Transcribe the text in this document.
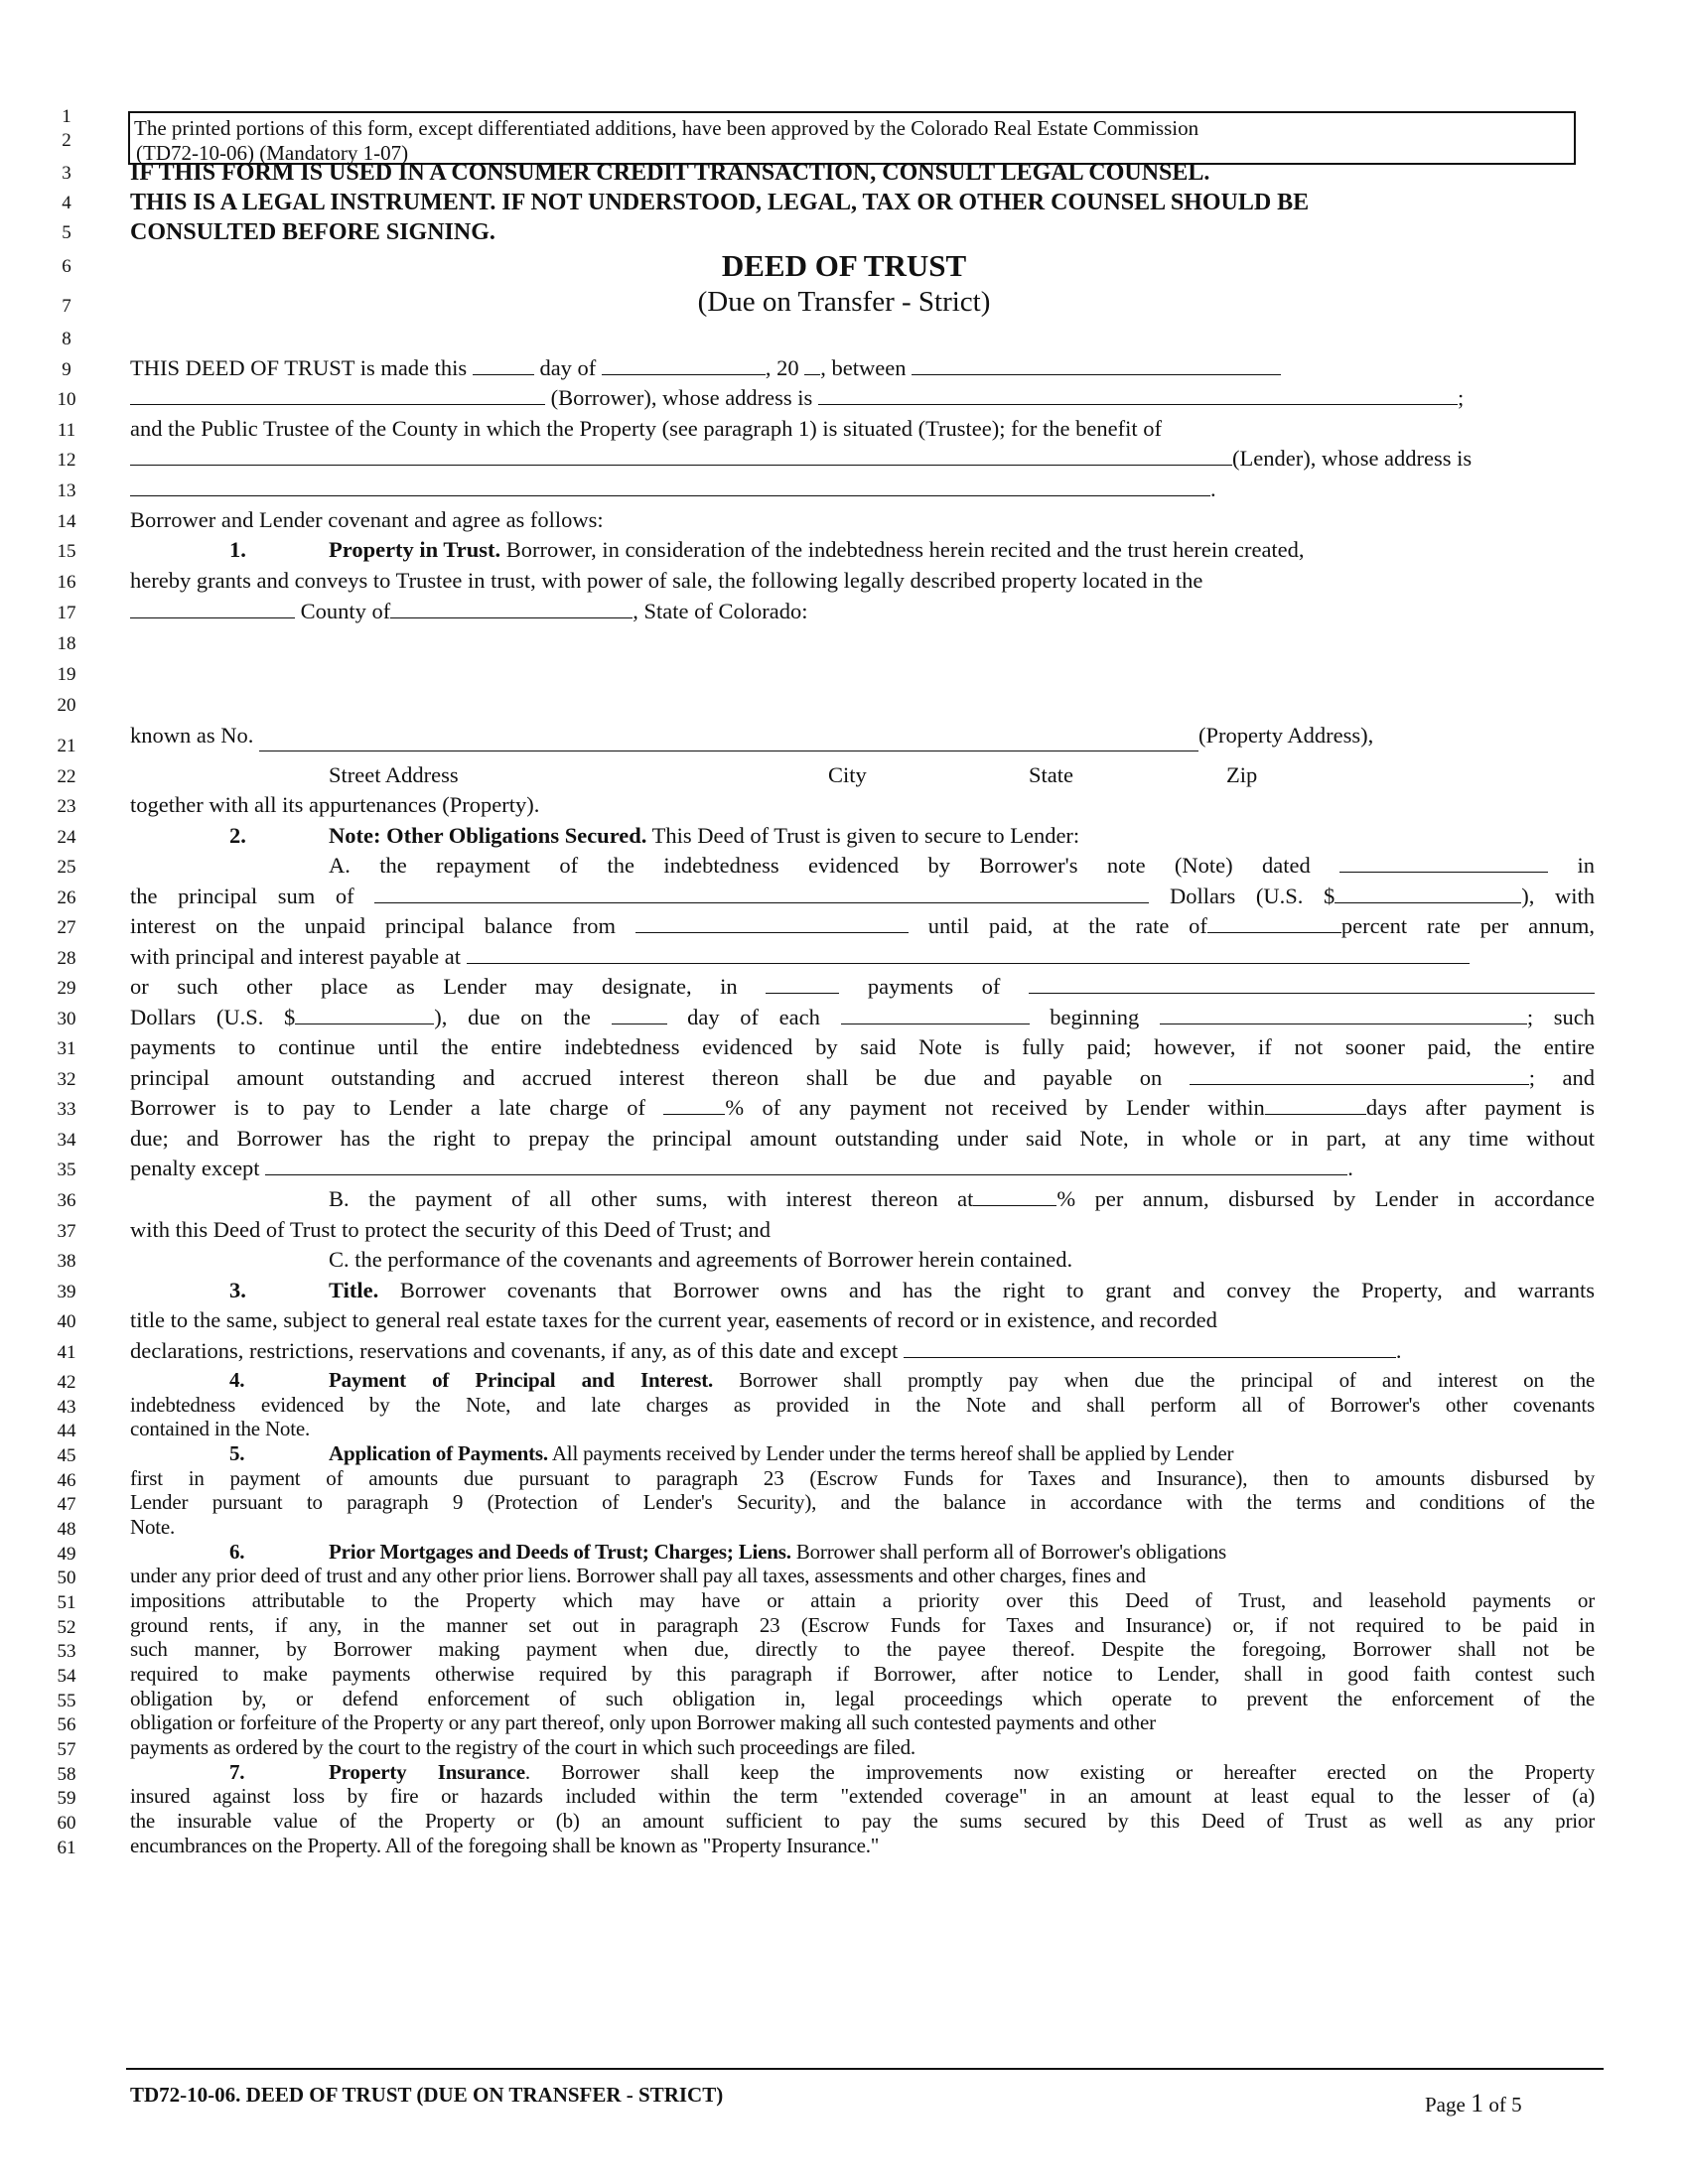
1
2
3
4
5
6
7
8
9
10
11
12
13
14
15
16
17
18
19
20
21
22
23
24
25
26
27
28
29
30
31
32
33
34
35
36
37
38
39
40
41
42
43
44
45
46
47
48
49
50
51
52
53
54
55
56
57
58
59
60
61
The printed portions of this form, except differentiated additions, have been approved by the Colorado Real Estate Commission
(TD72-10-06) (Mandatory 1-07)
IF THIS FORM IS USED IN A CONSUMER CREDIT TRANSACTION, CONSULT LEGAL COUNSEL.
THIS IS A LEGAL INSTRUMENT. IF NOT UNDERSTOOD, LEGAL, TAX OR OTHER COUNSEL SHOULD BE
CONSULTED BEFORE SIGNING.
DEED OF TRUST
(Due on Transfer - Strict)
THIS DEED OF TRUST is made this	day of	, 20 , between
(Borrower), whose address is	;
and the Public Trustee of the County in which the Property (see paragraph 1) is situated (Trustee); for the benefit of
(Lender), whose address is
.
Borrower and Lender covenant and agree as follows:
1.	Property in Trust. Borrower, in consideration of the indebtedness herein recited and the trust herein created,
hereby grants and conveys to Trustee in trust, with power of sale, the following legally described property located in the
County of	, State of Colorado:
known as No.	(Property Address),
Street Address	City	State	Zip
together with all its appurtenances (Property).
2.	Note: Other Obligations Secured. This Deed of Trust is given to secure to Lender:
A. the repayment of the indebtedness evidenced by Borrower's note (Note) dated	in
the principal sum of	Dollars (U.S. $	), with
interest on the unpaid principal balance from	until paid, at the rate of	percent rate per annum,
with principal and interest payable at
or such other place as Lender may designate, in	payments of
Dollars (U.S. $	), due on the	day of each	beginning	; such
payments to continue until the entire indebtedness evidenced by said Note is fully paid; however, if not sooner paid, the entire
principal amount outstanding and accrued interest thereon shall be due and payable on	; and
Borrower is to pay to Lender a late charge of	% of any payment not received by Lender within	days after payment is
due; and Borrower has the right to prepay the principal amount outstanding under said Note, in whole or in part, at any time without
penalty except	.
B. the payment of all other sums, with interest thereon at	% per annum, disbursed by Lender in accordance
with this Deed of Trust to protect the security of this Deed of Trust; and
C. the performance of the covenants and agreements of Borrower herein contained.
3.	Title. Borrower covenants that Borrower owns and has the right to grant and convey the Property, and warrants
title to the same, subject to general real estate taxes for the current year, easements of record or in existence, and recorded
declarations, restrictions, reservations and covenants, if any, as of this date and except	.
4.	Payment of Principal and Interest. Borrower shall promptly pay when due the principal of and interest on the
indebtedness evidenced by the Note, and late charges as provided in the Note and shall perform all of Borrower's other covenants
contained in the Note.
5.	Application of Payments. All payments received by Lender under the terms hereof shall be applied by Lender
first in payment of amounts due pursuant to paragraph 23 (Escrow Funds for Taxes and Insurance), then to amounts disbursed by
Lender pursuant to paragraph 9 (Protection of Lender's Security), and the balance in accordance with the terms and conditions of the
Note.
6.	Prior Mortgages and Deeds of Trust; Charges; Liens. Borrower shall perform all of Borrower's obligations
under any prior deed of trust and any other prior liens. Borrower shall pay all taxes, assessments and other charges, fines and
impositions attributable to the Property which may have or attain a priority over this Deed of Trust, and leasehold payments or
ground rents, if any, in the manner set out in paragraph 23 (Escrow Funds for Taxes and Insurance) or, if not required to be paid in
such manner, by Borrower making payment when due, directly to the payee thereof. Despite the foregoing, Borrower shall not be
required to make payments otherwise required by this paragraph if Borrower, after notice to Lender, shall in good faith contest such
obligation by, or defend enforcement of such obligation in, legal proceedings which operate to prevent the enforcement of the
obligation or forfeiture of the Property or any part thereof, only upon Borrower making all such contested payments and other
payments as ordered by the court to the registry of the court in which such proceedings are filed.
7.	Property Insurance. Borrower shall keep the improvements now existing or hereafter erected on the Property
insured against loss by fire or hazards included within the term "extended coverage" in an amount at least equal to the lesser of (a)
the insurable value of the Property or (b) an amount sufficient to pay the sums secured by this Deed of Trust as well as any prior
encumbrances on the Property. All of the foregoing shall be known as "Property Insurance."
TD72-10-06. DEED OF TRUST (DUE ON TRANSFER - STRICT)	Page 1 of 5
